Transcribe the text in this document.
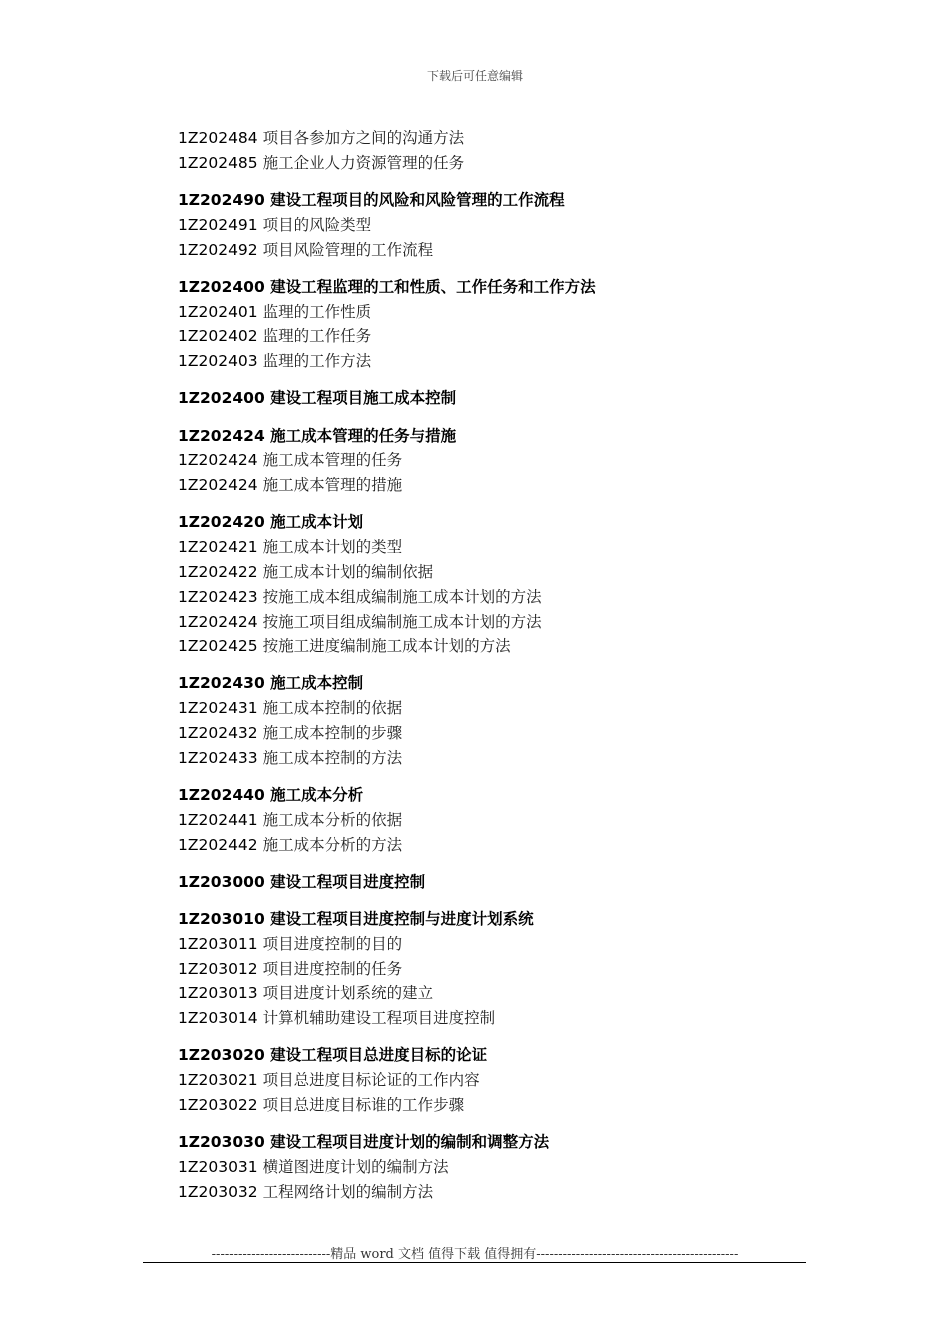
下载后可任意编辑
1Z202484 项目各参加方之间的沟通方法
1Z202485 施工企业人力资源管理的任务
1Z202490 建设工程项目的风险和风险管理的工作流程
1Z202491 项目的风险类型
1Z202492 项目风险管理的工作流程
1Z202400 建设工程监理的工和性质、工作任务和工作方法
1Z202401 监理的工作性质
1Z202402 监理的工作任务
1Z202403 监理的工作方法
1Z202400 建设工程项目施工成本控制
1Z202424 施工成本管理的任务与措施
1Z202424 施工成本管理的任务
1Z202424 施工成本管理的措施
1Z202420 施工成本计划
1Z202421 施工成本计划的类型
1Z202422 施工成本计划的编制依据
1Z202423 按施工成本组成编制施工成本计划的方法
1Z202424 按施工项目组成编制施工成本计划的方法
1Z202425 按施工进度编制施工成本计划的方法
1Z202430 施工成本控制
1Z202431 施工成本控制的依据
1Z202432 施工成本控制的步骤
1Z202433 施工成本控制的方法
1Z202440 施工成本分析
1Z202441 施工成本分析的依据
1Z202442 施工成本分析的方法
1Z203000 建设工程项目进度控制
1Z203010 建设工程项目进度控制与进度计划系统
1Z203011 项目进度控制的目的
1Z203012 项目进度控制的任务
1Z203013 项目进度计划系统的建立
1Z203014 计算机辅助建设工程项目进度控制
1Z203020 建设工程项目总进度目标的论证
1Z203021 项目总进度目标论证的工作内容
1Z203022 项目总进度目标谁的工作步骤
1Z203030 建设工程项目进度计划的编制和调整方法
1Z203031 横道图进度计划的编制方法
1Z203032 工程网络计划的编制方法
---------------------------精品 word 文档 值得下载 值得拥有----------------------------------------------
